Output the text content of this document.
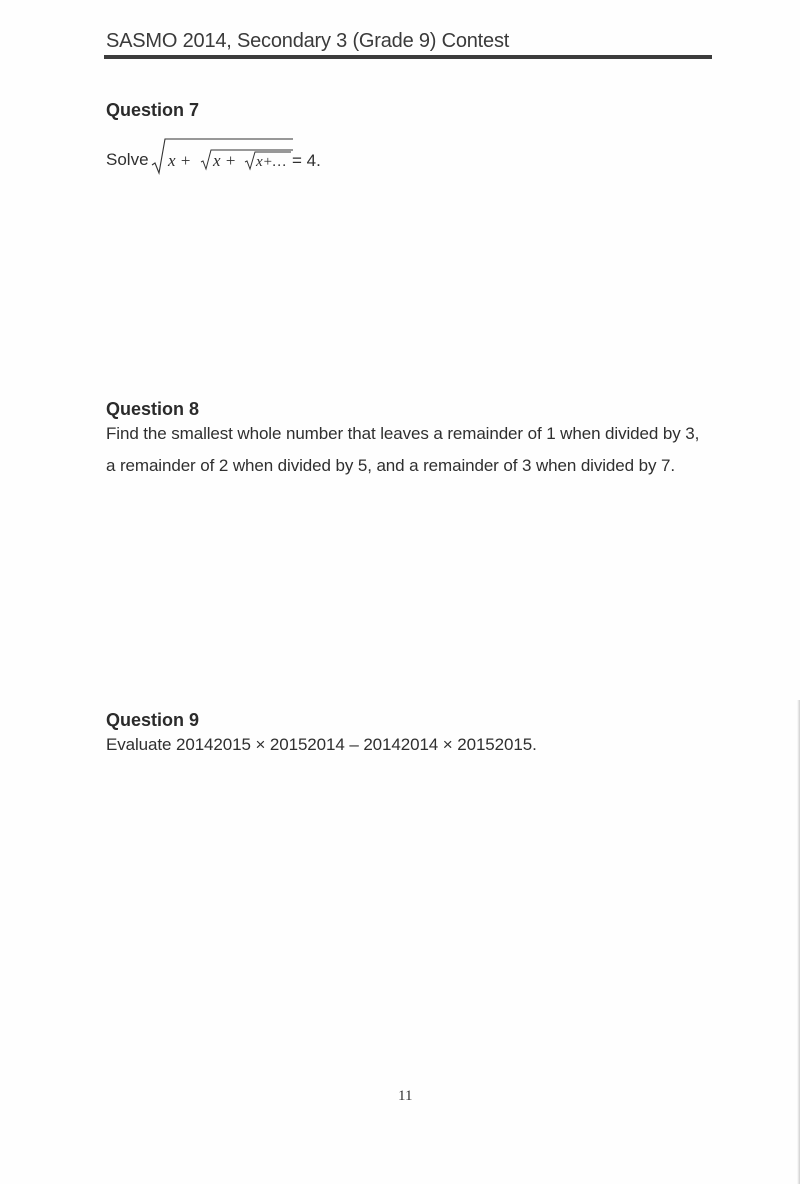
SASMO 2014, Secondary 3 (Grade 9) Contest
Question 7
Solve x + x + x+… = 4.
Question 8
Find the smallest whole number that leaves a remainder of 1 when divided by 3,
a remainder of 2 when divided by 5, and a remainder of 3 when divided by 7.
Question 9
Evaluate 20142015 × 20152014 – 20142014 × 20152015.
11
